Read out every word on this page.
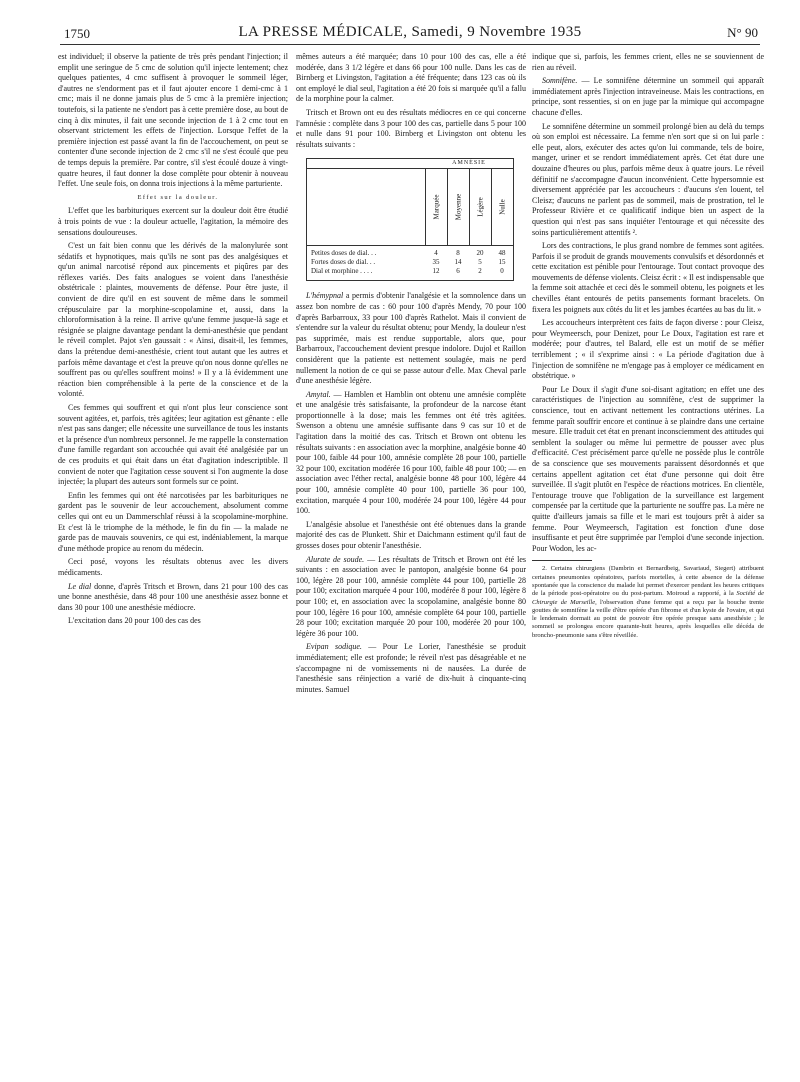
1750	LA PRESSE MÉDICALE, Samedi, 9 Novembre 1935	N° 90

est individuel; il observe la patiente de très près pendant l'injection; il emplit une seringue de 5 cmc de solution qu'il injecte lentement; chez quelques patientes, 4 cmc suffisent à provoquer le sommeil léger, d'autres ne s'endorment pas et il faut ajouter encore 1 demi-cmc à 1 cmc; mais il ne donne jamais plus de 5 cmc à la première injection; toutefois, si la patiente ne s'endort pas à cette première dose, au bout de cinq à dix minutes, il fait une seconde injection de 1 à 2 cmc tout en observant strictement les effets de l'injection. Lorsque l'effet de la première injection est passé avant la fin de l'accouchement, on peut se contenter d'une seconde injection de 2 cmc s'il ne s'est écoulé que peu de temps depuis la première. Par contre, s'il s'est écoulé douze à vingt-quatre heures, il faut donner la dose complète pour obtenir à nouveau l'effet. Une seule fois, on donna trois injections à la même parturiente.

Effet sur la douleur.

L'effet que les barbituriques exercent sur la douleur doit être étudié à trois points de vue : la douleur actuelle, l'agitation, la mémoire des sensations douloureuses.

C'est un fait bien connu que les dérivés de la malonylurée sont sédatifs et hypnotiques, mais qu'ils ne sont pas des analgésiques et qu'un animal narcotisé répond aux pincements et piqûres par des réflexes variés. Des faits analogues se voient dans l'anesthésie obstétricale : plaintes, mouvements de défense. Pour être juste, il convient de dire qu'il en est souvent de même dans le sommeil crépusculaire par la morphine-scopolamine et, aussi, dans la chloroformisation à la reine. Il arrive qu'une femme jusque-là sage et résignée se plaigne davantage pendant la demi-anesthésie que pendant le réveil complet. Pajot s'en gaussait : « Ainsi, disait-il, les femmes, dans la prétendue demi-anesthésie, crient tout autant que les autres et parfois même davantage et c'est la preuve qu'on nous donne qu'elles ne souffrent pas ou qu'elles souffrent moins! » Il y a là évidemment une réaction bien compréhensible à la perte de la conscience et de la volonté.

Ces femmes qui souffrent et qui n'ont plus leur conscience sont souvent agitées, et, parfois, très agitées; leur agitation est gênante : elle n'est pas sans danger; elle nécessite une surveillance de tous les instants et la présence d'un nombreux personnel. Je me rappelle la consternation d'une famille regardant son accouchée qui avait été analgésiée par un de ces produits et qui était dans un état d'agitation indescriptible. Il convient de noter que l'agitation cesse souvent si l'on augmente la dose injectée; la plupart des auteurs sont formels sur ce point.

Enfin les femmes qui ont été narcotisées par les barbituriques ne gardent pas le souvenir de leur accouchement, absolument comme celles qui ont eu un Dammerschlaf réussi à la scopolamine-morphine. Et c'est là le triomphe de la méthode, le fin du fin — la malade ne garde pas de mauvais souvenirs, ce qui est, indéniablement, la marque d'une méthode propice au renom du médecin.

Ceci posé, voyons les résultats obtenus avec les divers médicaments.

Le dial donne, d'après Tritsch et Brown, dans 21 pour 100 des cas une bonne anesthésie, dans 48 pour 100 une anesthésie assez bonne et dans 30 pour 100 une anesthésie médiocre.

L'excitation dans 20 pour 100 des cas des

mêmes auteurs a été marquée; dans 10 pour 100 des cas, elle a été modérée, dans 3 1/2 légère et dans 66 pour 100 nulle. Dans les cas de Birnberg et Livingston, l'agitation a été fréquente; dans 123 cas où ils ont employé le dial seul, l'agitation a été 20 fois si marquée qu'il a fallu de la morphine pour la calmer.

Tritsch et Brown ont eu des résultats médiocres en ce qui concerne l'amnésie : complète dans 3 pour 100 des cas, partielle dans 5 pour 100 et nulle dans 91 pour 100. Birnberg et Livingston ont obtenu les résultats suivants :

AMNÉSIE
Marquée Moyenne Légère Nulle
Petites doses de dial. . .	4	8	20	48
Fortes doses de dial. . .	35	14	5	15
Dial et morphine . . . .	12	6	2	0

L'hémypnal a permis d'obtenir l'analgésie et la somnolence dans un assez bon nombre de cas : 60 pour 100 d'après Mendy, 70 pour 100 d'après Barbarroux, 33 pour 100 d'après Rathelot. Mais il convient de s'entendre sur la valeur du résultat obtenu; pour Mendy, la douleur n'est pas supprimée, mais est rendue supportable, alors que, pour Barbarroux, l'accouchement devient presque indolore. Dujol et Raillon considèrent que la patiente est nettement soulagée, mais ne perd nullement la notion de ce qui se passe autour d'elle. Max Cheval parle d'une anesthésie légère.

Amytal. — Hamblen et Hamblin ont obtenu une amnésie complète et une analgésie très satisfaisante, la profondeur de la narcose étant proportionnelle à la dose; mais les femmes ont été très agitées. Swenson a obtenu une amnésie suffisante dans 9 cas sur 10 et de l'agitation dans la moitié des cas. Tritsch et Brown ont obtenu les résultats suivants : en association avec la morphine, analgésie bonne 40 pour 100, faible 44 pour 100, amnésie complète 28 pour 100, partielle 32 pour 100, excitation modérée 16 pour 100, faible 48 pour 100; — en association avec l'éther rectal, analgésie bonne 48 pour 100, légère 44 pour 100, amnésie complète 40 pour 100, partielle 36 pour 100, excitation, marquée 4 pour 100, modérée 24 pour 100, légère 44 pour 100.

L'analgésie absolue et l'anesthésie ont été obtenues dans la grande majorité des cas de Plunkett. Shir et Daichmann estiment qu'il faut de grosses doses pour obtenir l'anesthésie.

Alurate de soude. — Les résultats de Tritsch et Brown ont été les suivants : en association avec le pantopon, analgésie bonne 64 pour 100, légère 28 pour 100, amnésie complète 44 pour 100, partielle 28 pour 100; excitation marquée 4 pour 100, modérée 8 pour 100, légère 8 pour 100; et, en association avec la scopolamine, analgésie bonne 80 pour 100, légère 16 pour 100, amnésie complète 64 pour 100, partielle 28 pour 100; excitation marquée 20 pour 100, modérée 20 pour 100, légère 36 pour 100.

Evipan sodique. — Pour Le Lorier, l'anesthésie se produit immédiatement; elle est profonde; le réveil n'est pas désagréable et ne s'accompagne ni de vomissements ni de nausées. La durée de l'anesthésie sans réinjection a varié de dix-huit à cinquante-cinq minutes. Samuel

indique que si, parfois, les femmes crient, elles ne se souviennent de rien au réveil.

Somnifène. — Le somnifène détermine un sommeil qui apparaît immédiatement après l'injection intraveineuse. Mais les contractions, en principe, sont ressenties, si on en juge par la mimique qui accompagne chacune d'elles.

Le somnifène détermine un sommeil prolongé bien au delà du temps où son emploi est nécessaire. La femme n'en sort que si on lui parle : elle peut, alors, exécuter des actes qu'on lui commande, tels de boire, manger, uriner et se rendort immédiatement après. Cet état dure une douzaine d'heures ou plus, parfois même deux à quatre jours. Le réveil définitif ne s'accompagne d'aucun inconvénient. Cette hypersomnie est diversement appréciée par les accoucheurs : d'aucuns s'en louent, tel Cleisz; d'aucuns ne parlent pas de sommeil, mais de prostration, tel le Professeur Rivière et ce qualificatif indique bien un aspect de la question qui n'est pas sans inquiéter l'entourage et qui nécessite des soins particulièrement attentifs ².

Lors des contractions, le plus grand nombre de femmes sont agitées. Parfois il se produit de grands mouvements convulsifs et désordonnés et cette excitation est pénible pour l'entourage. Tout contact provoque des mouvements de défense violents. Cleisz écrit : « Il est indispensable que la femme soit attachée et ceci dès le sommeil obtenu, les poignets et les chevilles étant entourés de petits pansements formant bracelets. On fixera les poignets aux côtés du lit et les jambes écartées au bas du lit. »

Les accoucheurs interprètent ces faits de façon diverse : pour Cleisz, pour Weymeersch, pour Denizet, pour Le Doux, l'agitation est rare et modérée; pour d'autres, tel Balard, elle est un motif de se méfier terriblement ; « il s'exprime ainsi : « La période d'agitation due à l'injection de somnifène ne m'engage pas à employer ce médicament en obstétrique. »

Pour Le Doux il s'agit d'une soi-disant agitation; en effet une des caractéristiques de l'injection au somnifène, c'est de supprimer la conscience, tout en activant nettement les contractions utérines. La femme paraît souffrir encore et continue à se plaindre dans une certaine mesure. Elle traduit cet état en prenant inconsciemment des attitudes qui semblent la soulager ou même lui permettre de pousser avec plus d'efficacité. C'est précisément parce qu'elle ne possède plus le contrôle de sa conscience que ses mouvements paraissent désordonnés et que certains appellent agitation cet état d'une personne qui doit être surveillée. Il s'agit plutôt en l'espèce de réactions motrices. En clientèle, l'entourage trouve que l'obligation de la surveillance est largement compensée par la certitude que la parturiente ne souffre pas. La mère ne quitte d'ailleurs jamais sa fille et le mari est toujours prêt à aider sa femme. Pour Weymeersch, l'agitation est fonction d'une dose insuffisante et peut être supprimée par l'emploi d'une seconde injection. Pour Wodon, les ac-

2. Certains chirurgiens (Dambrin et Bernardbeig, Savariaud, Siegert) attribuent certaines pneumonies opératoires, parfois mortelles, à cette absence de la défense spontanée que la conscience du malade lui permet d'exercer pendant les heures critiques de la période post-opératoire ou du post-partum. Moiroud a rapporté, à la Société de Chirurgie de Marseille, l'observation d'une femme qui a reçu par la bouche trente gouttes de somnifène la veille d'être opérée d'un fibrome et d'un kyste de l'ovaire, et qui le lendemain dormait au point de pouvoir être opérée presque sans anesthésie ; le sommeil se prolongea encore quarante-huit heures, après lesquelles elle décéda de broncho-pneumonie sans s'être réveillée.
